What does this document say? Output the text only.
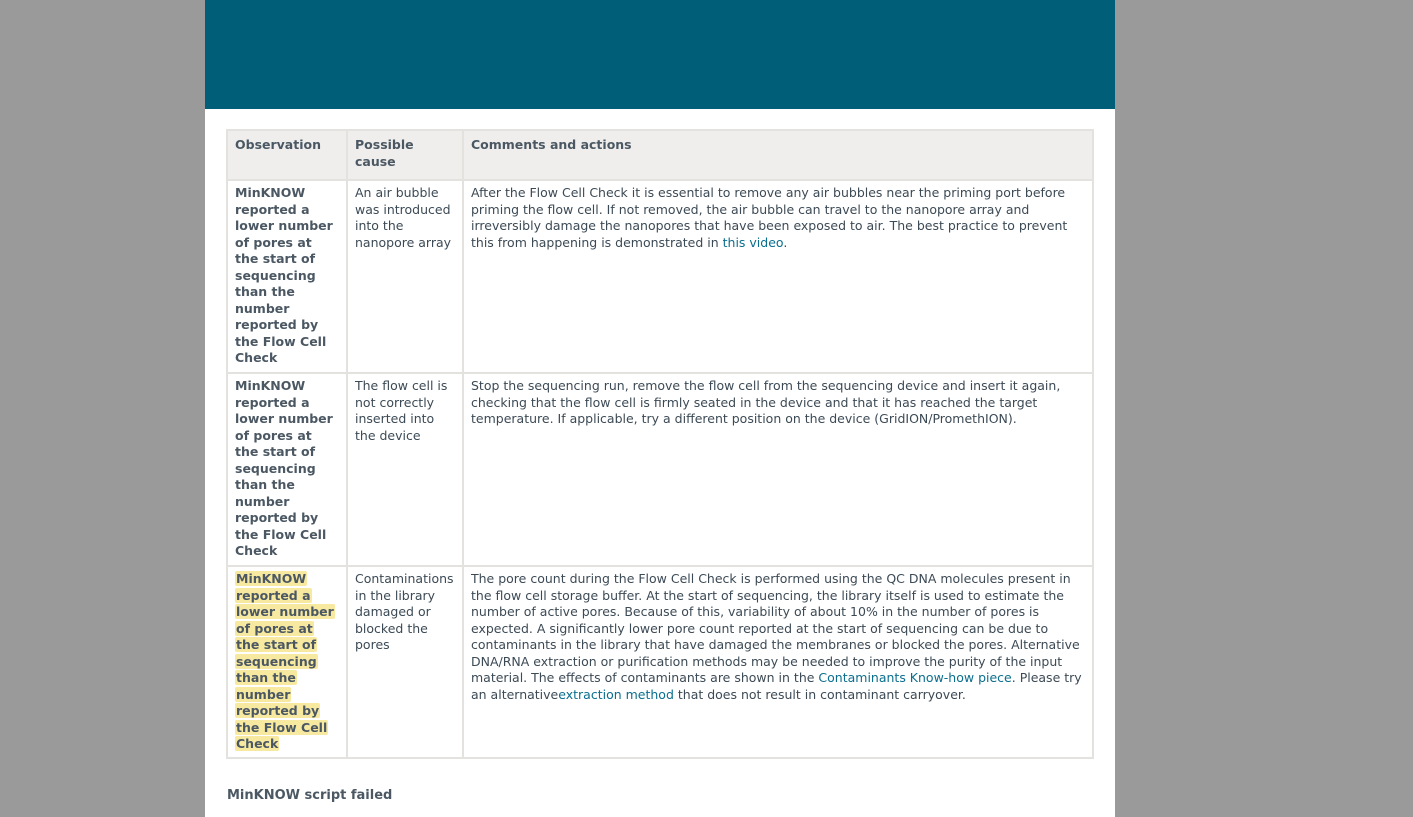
Observation	Possible cause	Comments and actions
MinKNOW reported a lower number of pores at the start of sequencing than the number reported by the Flow Cell Check	An air bubble was introduced into the nanopore array	After the Flow Cell Check it is essential to remove any air bubbles near the priming port before priming the flow cell. If not removed, the air bubble can travel to the nanopore array and irreversibly damage the nanopores that have been exposed to air. The best practice to prevent this from happening is demonstrated in this video.
MinKNOW reported a lower number of pores at the start of sequencing than the number reported by the Flow Cell Check	The flow cell is not correctly inserted into the device	Stop the sequencing run, remove the flow cell from the sequencing device and insert it again, checking that the flow cell is firmly seated in the device and that it has reached the target temperature. If applicable, try a different position on the device (GridION/PromethION).
MinKNOW reported a lower number of pores at the start of sequencing than the number reported by the Flow Cell Check	Contaminations in the library damaged or blocked the pores	The pore count during the Flow Cell Check is performed using the QC DNA molecules present in the flow cell storage buffer. At the start of sequencing, the library itself is used to estimate the number of active pores. Because of this, variability of about 10% in the number of pores is expected. A significantly lower pore count reported at the start of sequencing can be due to contaminants in the library that have damaged the membranes or blocked the pores. Alternative DNA/RNA extraction or purification methods may be needed to improve the purity of the input material. The effects of contaminants are shown in the Contaminants Know-how piece. Please try an alternativeextraction method that does not result in contaminant carryover.
MinKNOW script failed
